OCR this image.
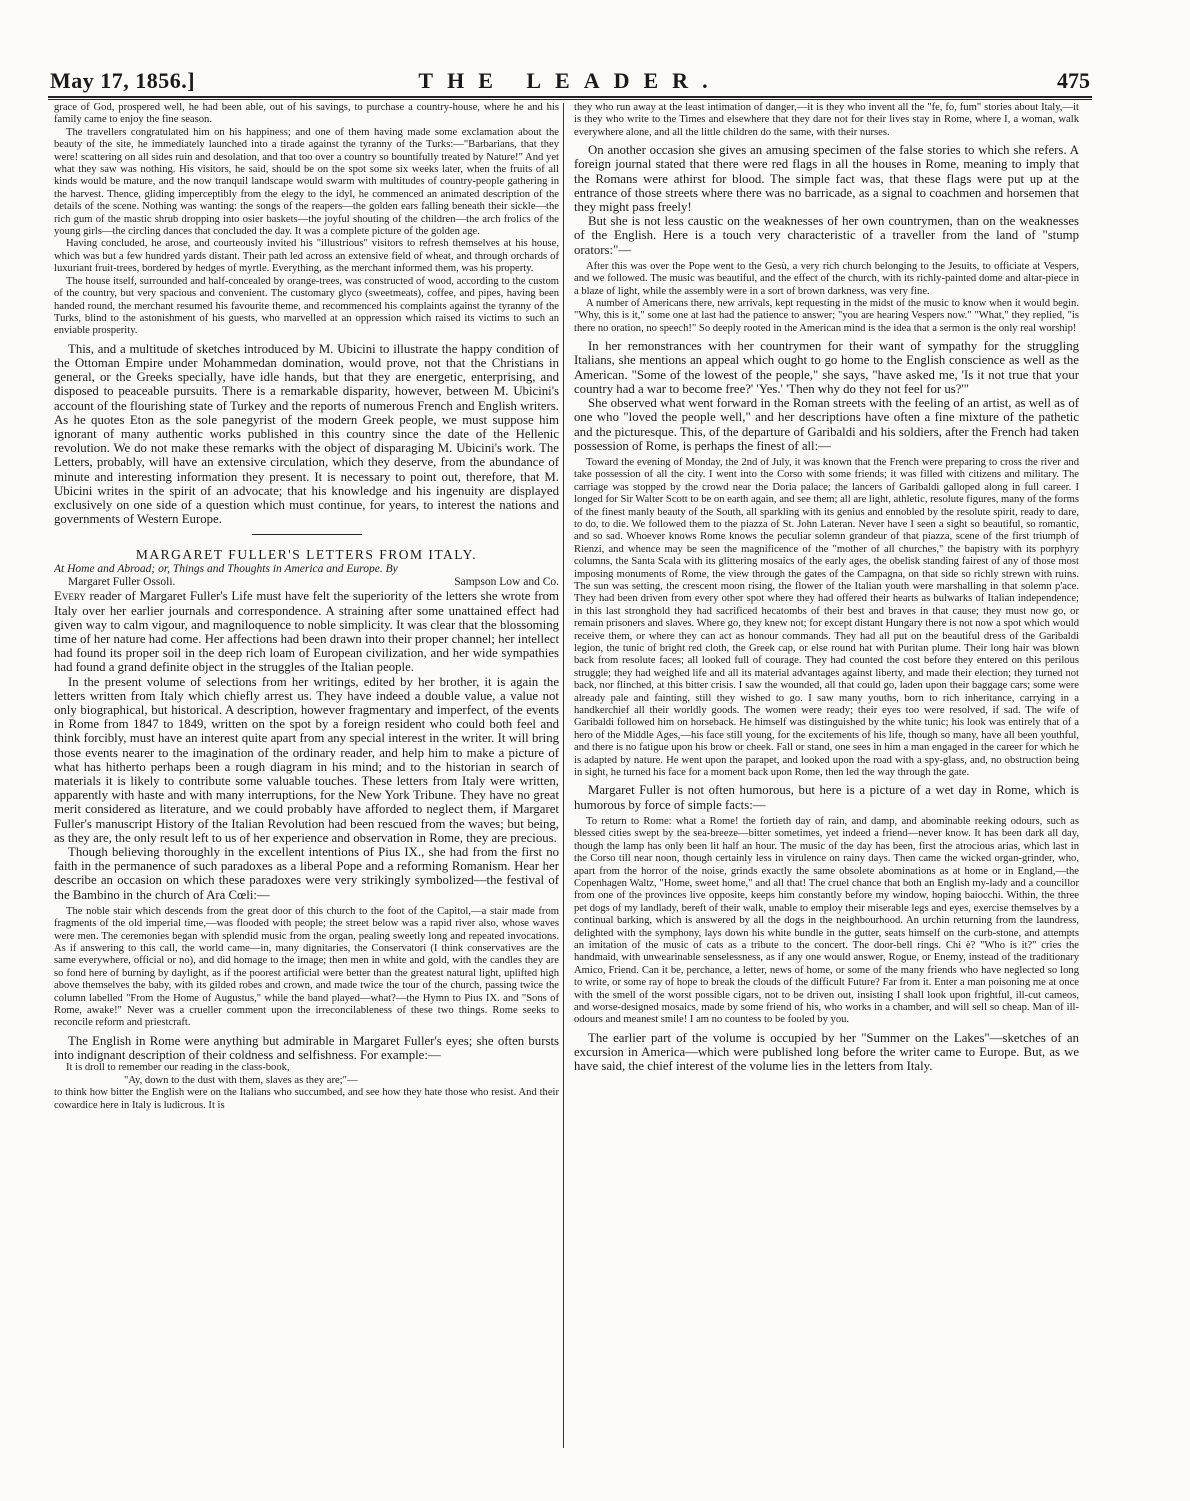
May 17, 1856.]	THE LEADER.	475

grace of God, prospered well, he had been able, out of his savings, to purchase a country-house, where he and his family came to enjoy the fine season.

The travellers congratulated him on his happiness; and one of them having made some exclamation about the beauty of the site, he immediately launched into a tirade against the tyranny of the Turks:—"Barbarians, that they were! scattering on all sides ruin and desolation, and that too over a country so bountifully treated by Nature!" And yet what they saw was nothing. His visitors, he said, should be on the spot some six weeks later, when the fruits of all kinds would be mature, and the now tranquil landscape would swarm with multitudes of country-people gathering in the harvest. Thence, gliding imperceptibly from the elegy to the idyl, he commenced an animated description of the details of the scene. Nothing was wanting: the songs of the reapers—the golden ears falling beneath their sickle—the rich gum of the mastic shrub dropping into osier baskets—the joyful shouting of the children—the arch frolics of the young girls—the circling dances that concluded the day. It was a complete picture of the golden age.

Having concluded, he arose, and courteously invited his "illustrious" visitors to refresh themselves at his house, which was but a few hundred yards distant. Their path led across an extensive field of wheat, and through orchards of luxuriant fruit-trees, bordered by hedges of myrtle. Everything, as the merchant informed them, was his property.

The house itself, surrounded and half-concealed by orange-trees, was constructed of wood, according to the custom of the country, but very spacious and convenient. The customary glyco (sweetmeats), coffee, and pipes, having been handed round, the merchant resumed his favourite theme, and recommenced his complaints against the tyranny of the Turks, blind to the astonishment of his guests, who marvelled at an oppression which raised its victims to such an enviable prosperity.

This, and a multitude of sketches introduced by M. Ubicini to illustrate the happy condition of the Ottoman Empire under Mohammedan domination, would prove, not that the Christians in general, or the Greeks specially, have idle hands, but that they are energetic, enterprising, and disposed to peaceable pursuits. There is a remarkable disparity, however, between M. Ubicini's account of the flourishing state of Turkey and the reports of numerous French and English writers. As he quotes Eton as the sole panegyrist of the modern Greek people, we must suppose him ignorant of many authentic works published in this country since the date of the Hellenic revolution. We do not make these remarks with the object of disparaging M. Ubicini's work. The Letters, probably, will have an extensive circulation, which they deserve, from the abundance of minute and interesting information they present. It is necessary to point out, therefore, that M. Ubicini writes in the spirit of an advocate; that his knowledge and his ingenuity are displayed exclusively on one side of a question which must continue, for years, to interest the nations and governments of Western Europe.

MARGARET FULLER'S LETTERS FROM ITALY.

At Home and Abroad; or, Things and Thoughts in America and Europe. By

Margaret Fuller Ossoli.	Sampson Low and Co.

Every reader of Margaret Fuller's Life must have felt the superiority of the letters she wrote from Italy over her earlier journals and correspondence. A straining after some unattained effect had given way to calm vigour, and magniloquence to noble simplicity. It was clear that the blossoming time of her nature had come. Her affections had been drawn into their proper channel; her intellect had found its proper soil in the deep rich loam of European civilization, and her wide sympathies had found a grand definite object in the struggles of the Italian people.

In the present volume of selections from her writings, edited by her brother, it is again the letters written from Italy which chiefly arrest us. They have indeed a double value, a value not only biographical, but historical. A description, however fragmentary and imperfect, of the events in Rome from 1847 to 1849, written on the spot by a foreign resident who could both feel and think forcibly, must have an interest quite apart from any special interest in the writer. It will bring those events nearer to the imagination of the ordinary reader, and help him to make a picture of what has hitherto perhaps been a rough diagram in his mind; and to the historian in search of materials it is likely to contribute some valuable touches. These letters from Italy were written, apparently with haste and with many interruptions, for the New York Tribune. They have no great merit considered as literature, and we could probably have afforded to neglect them, if Margaret Fuller's manuscript History of the Italian Revolution had been rescued from the waves; but being, as they are, the only result left to us of her experience and observation in Rome, they are precious.

Though believing thoroughly in the excellent intentions of Pius IX., she had from the first no faith in the permanence of such paradoxes as a liberal Pope and a reforming Romanism. Hear her describe an occasion on which these paradoxes were very strikingly symbolized—the festival of the Bambino in the church of Ara Cœli:—

The noble stair which descends from the great door of this church to the foot of the Capitol,—a stair made from fragments of the old imperial time,—was flooded with people; the street below was a rapid river also, whose waves were men. The ceremonies began with splendid music from the organ, pealing sweetly long and repeated invocations. As if answering to this call, the world came—in, many dignitaries, the Conservatori (I think conservatives are the same everywhere, official or no), and did homage to the image; then men in white and gold, with the candles they are so fond here of burning by daylight, as if the poorest artificial were better than the greatest natural light, uplifted high above themselves the baby, with its gilded robes and crown, and made twice the tour of the church, passing twice the column labelled "From the Home of Augustus," while the band played—what?—the Hymn to Pius IX. and "Sons of Rome, awake!" Never was a crueller comment upon the irreconcilableness of these two things. Rome seeks to reconcile reform and priestcraft.

The English in Rome were anything but admirable in Margaret Fuller's eyes; she often bursts into indignant description of their coldness and selfishness. For example:—

It is droll to remember our reading in the class-book,

"Ay, down to the dust with them, slaves as they are;"—

to think how bitter the English were on the Italians who succumbed, and see how they hate those who resist. And their cowardice here in Italy is ludicrous. It is

they who run away at the least intimation of danger,—it is they who invent all the "fe, fo, fum" stories about Italy,—it is they who write to the Times and elsewhere that they dare not for their lives stay in Rome, where I, a woman, walk everywhere alone, and all the little children do the same, with their nurses.

On another occasion she gives an amusing specimen of the false stories to which she refers. A foreign journal stated that there were red flags in all the houses in Rome, meaning to imply that the Romans were athirst for blood. The simple fact was, that these flags were put up at the entrance of those streets where there was no barricade, as a signal to coachmen and horsemen that they might pass freely!

But she is not less caustic on the weaknesses of her own countrymen, than on the weaknesses of the English. Here is a touch very characteristic of a traveller from the land of "stump orators:"—

After this was over the Pope went to the Gesù, a very rich church belonging to the Jesuits, to officiate at Vespers, and we followed. The music was beautiful, and the effect of the church, with its richly-painted dome and altar-piece in a blaze of light, while the assembly were in a sort of brown darkness, was very fine.

A number of Americans there, new arrivals, kept requesting in the midst of the music to know when it would begin. "Why, this is it," some one at last had the patience to answer; "you are hearing Vespers now." "What," they replied, "is there no oration, no speech!" So deeply rooted in the American mind is the idea that a sermon is the only real worship!

In her remonstrances with her countrymen for their want of sympathy for the struggling Italians, she mentions an appeal which ought to go home to the English conscience as well as the American. "Some of the lowest of the people," she says, "have asked me, 'Is it not true that your country had a war to become free?' 'Yes.' 'Then why do they not feel for us?'"

She observed what went forward in the Roman streets with the feeling of an artist, as well as of one who "loved the people well," and her descriptions have often a fine mixture of the pathetic and the picturesque. This, of the departure of Garibaldi and his soldiers, after the French had taken possession of Rome, is perhaps the finest of all:—

Toward the evening of Monday, the 2nd of July, it was known that the French were preparing to cross the river and take possession of all the city. I went into the Corso with some friends; it was filled with citizens and military. The carriage was stopped by the crowd near the Doria palace; the lancers of Garibaldi galloped along in full career. I longed for Sir Walter Scott to be on earth again, and see them; all are light, athletic, resolute figures, many of the forms of the finest manly beauty of the South, all sparkling with its genius and ennobled by the resolute spirit, ready to dare, to do, to die. We followed them to the piazza of St. John Lateran. Never have I seen a sight so beautiful, so romantic, and so sad. Whoever knows Rome knows the peculiar solemn grandeur of that piazza, scene of the first triumph of Rienzi, and whence may be seen the magnificence of the "mother of all churches," the bapistry with its porphyry columns, the Santa Scala with its glittering mosaics of the early ages, the obelisk standing fairest of any of those most imposing monuments of Rome, the view through the gates of the Campagna, on that side so richly strewn with ruins. The sun was setting, the crescent moon rising, the flower of the Italian youth were marshalling in that solemn p'ace. They had been driven from every other spot where they had offered their hearts as bulwarks of Italian independence; in this last stronghold they had sacrificed hecatombs of their best and braves in that cause; they must now go, or remain prisoners and slaves. Where go, they knew not; for except distant Hungary there is not now a spot which would receive them, or where they can act as honour commands. They had all put on the beautiful dress of the Garibaldi legion, the tunic of bright red cloth, the Greek cap, or else round hat with Puritan plume. Their long hair was blown back from resolute faces; all looked full of courage. They had counted the cost before they entered on this perilous struggle; they had weighed life and all its material advantages against liberty, and made their election; they turned not back, nor flinched, at this bitter crisis. I saw the wounded, all that could go, laden upon their baggage cars; some were already pale and fainting, still they wished to go. I saw many youths, born to rich inheritance, carrying in a handkerchief all their worldly goods. The women were ready; their eyes too were resolved, if sad. The wife of Garibaldi followed him on horseback. He himself was distinguished by the white tunic; his look was entirely that of a hero of the Middle Ages,—his face still young, for the excitements of his life, though so many, have all been youthful, and there is no fatigue upon his brow or cheek. Fall or stand, one sees in him a man engaged in the career for which he is adapted by nature. He went upon the parapet, and looked upon the road with a spy-glass, and, no obstruction being in sight, he turned his face for a moment back upon Rome, then led the way through the gate.

Margaret Fuller is not often humorous, but here is a picture of a wet day in Rome, which is humorous by force of simple facts:—

To return to Rome: what a Rome! the fortieth day of rain, and damp, and abominable reeking odours, such as blessed cities swept by the sea-breeze—bitter sometimes, yet indeed a friend—never know. It has been dark all day, though the lamp has only been lit half an hour. The music of the day has been, first the atrocious arias, which last in the Corso till near noon, though certainly less in virulence on rainy days. Then came the wicked organ-grinder, who, apart from the horror of the noise, grinds exactly the same obsolete abominations as at home or in England,—the Copenhagen Waltz, "Home, sweet home," and all that! The cruel chance that both an English my-lady and a councillor from one of the provinces live opposite, keeps him constantly before my window, hoping baiocchi. Within, the three pet dogs of my landlady, bereft of their walk, unable to employ their miserable legs and eyes, exercise themselves by a continual barking, which is answered by all the dogs in the neighbourhood. An urchin returning from the laundress, delighted with the symphony, lays down his white bundle in the gutter, seats himself on the curb-stone, and attempts an imitation of the music of cats as a tribute to the concert. The door-bell rings. Chi è? "Who is it?" cries the handmaid, with unwearinable senselessness, as if any one would answer, Rogue, or Enemy, instead of the traditionary Amico, Friend. Can it be, perchance, a letter, news of home, or some of the many friends who have neglected so long to write, or some ray of hope to break the clouds of the difficult Future? Far from it. Enter a man poisoning me at once with the smell of the worst possible cigars, not to be driven out, insisting I shall look upon frightful, ill-cut cameos, and worse-designed mosaics, made by some friend of his, who works in a chamber, and will sell so cheap. Man of ill-odours and meanest smile! I am no countess to be fooled by you.

The earlier part of the volume is occupied by her "Summer on the Lakes"—sketches of an excursion in America—which were published long before the writer came to Europe. But, as we have said, the chief interest of the volume lies in the letters from Italy.
